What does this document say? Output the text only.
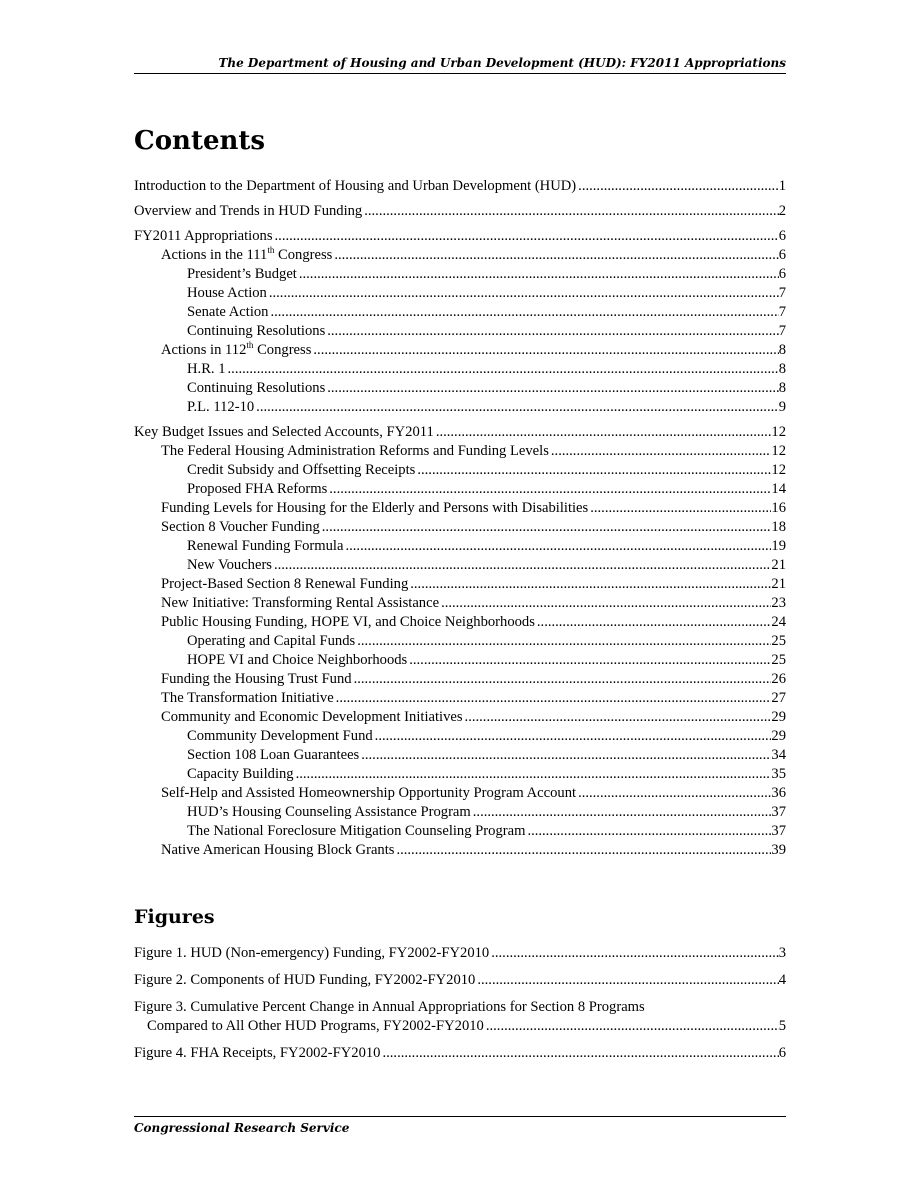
The Department of Housing and Urban Development (HUD): FY2011 Appropriations
Contents
Introduction to the Department of Housing and Urban Development (HUD) .....	1
Overview and Trends in HUD Funding .....	2
FY2011 Appropriations .....	6
Actions in the 111th Congress .....	6
President’s Budget .....	6
House Action .....	7
Senate Action .....	7
Continuing Resolutions .....	7
Actions in 112th Congress .....	8
H.R. 1 .....	8
Continuing Resolutions .....	8
P.L. 112-10 .....	9
Key Budget Issues and Selected Accounts, FY2011 .....	12
The Federal Housing Administration Reforms and Funding Levels .....	12
Credit Subsidy and Offsetting Receipts .....	12
Proposed FHA Reforms .....	14
Funding Levels for Housing for the Elderly and Persons with Disabilities .....	16
Section 8 Voucher Funding .....	18
Renewal Funding Formula .....	19
New Vouchers .....	21
Project-Based Section 8 Renewal Funding .....	21
New Initiative: Transforming Rental Assistance .....	23
Public Housing Funding, HOPE VI, and Choice Neighborhoods .....	24
Operating and Capital Funds .....	25
HOPE VI and Choice Neighborhoods .....	25
Funding the Housing Trust Fund .....	26
The Transformation Initiative .....	27
Community and Economic Development Initiatives .....	29
Community Development Fund .....	29
Section 108 Loan Guarantees .....	34
Capacity Building .....	35
Self-Help and Assisted Homeownership Opportunity Program Account .....	36
HUD’s Housing Counseling Assistance Program .....	37
The National Foreclosure Mitigation Counseling Program .....	37
Native American Housing Block Grants .....	39
Figures
Figure 1. HUD (Non-emergency) Funding, FY2002-FY2010 .....	3
Figure 2. Components of HUD Funding, FY2002-FY2010 .....	4
Figure 3. Cumulative Percent Change in Annual Appropriations for Section 8 Programs
Compared to All Other HUD Programs, FY2002-FY2010 .....	5
Figure 4. FHA Receipts, FY2002-FY2010 .....	6
Congressional Research Service
